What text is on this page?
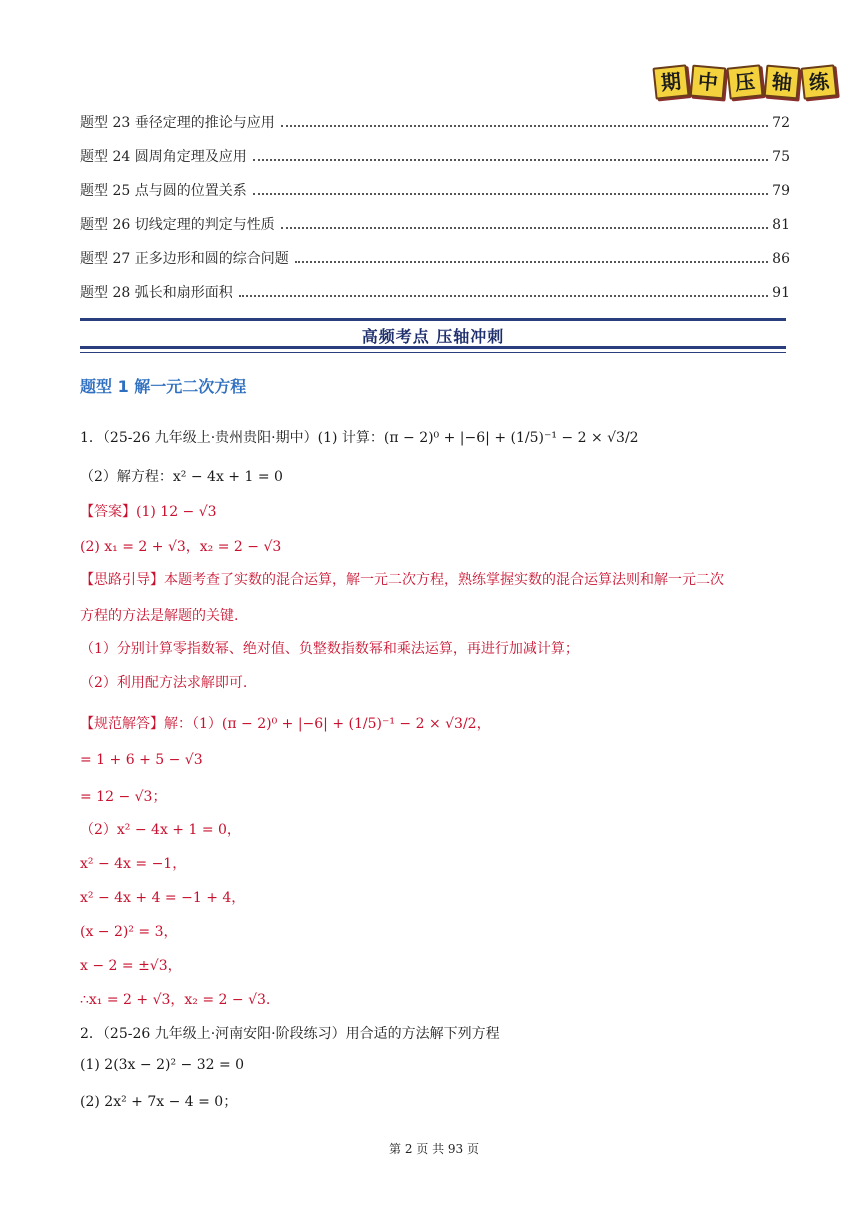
期 中 压 轴 练
题型 23 垂径定理的推论与应用	72
题型 24 圆周角定理及应用	75
题型 25 点与圆的位置关系	79
题型 26 切线定理的判定与性质	81
题型 27 正多边形和圆的综合问题	86
题型 28 弧长和扇形面积	91
高频考点 压轴冲刺
题型 1 解一元二次方程
1．（25-26 九年级上·贵州贵阳·期中）(1) 计算：(π − 2)⁰ + |−6| + (1/5)⁻¹ − 2 × √3/2
（2）解方程：x² − 4x + 1 = 0
【答案】(1) 12 − √3
(2) x₁ = 2 + √3，x₂ = 2 − √3
【思路引导】本题考查了实数的混合运算，解一元二次方程，熟练掌握实数的混合运算法则和解一元二次
方程的方法是解题的关键.
（1）分别计算零指数幂、绝对值、负整数指数幂和乘法运算，再进行加减计算；
（2）利用配方法求解即可.
【规范解答】解：（1）(π − 2)⁰ + |−6| + (1/5)⁻¹ − 2 × √3/2，
= 1 + 6 + 5 − √3
= 12 − √3；
（2）x² − 4x + 1 = 0，
x² − 4x = −1，
x² − 4x + 4 = −1 + 4，
(x − 2)² = 3，
x − 2 = ±√3，
∴x₁ = 2 + √3，x₂ = 2 − √3.
2．（25-26 九年级上·河南安阳·阶段练习）用合适的方法解下列方程
(1) 2(3x − 2)² − 32 = 0
(2) 2x² + 7x − 4 = 0；
第 2 页 共 93 页
